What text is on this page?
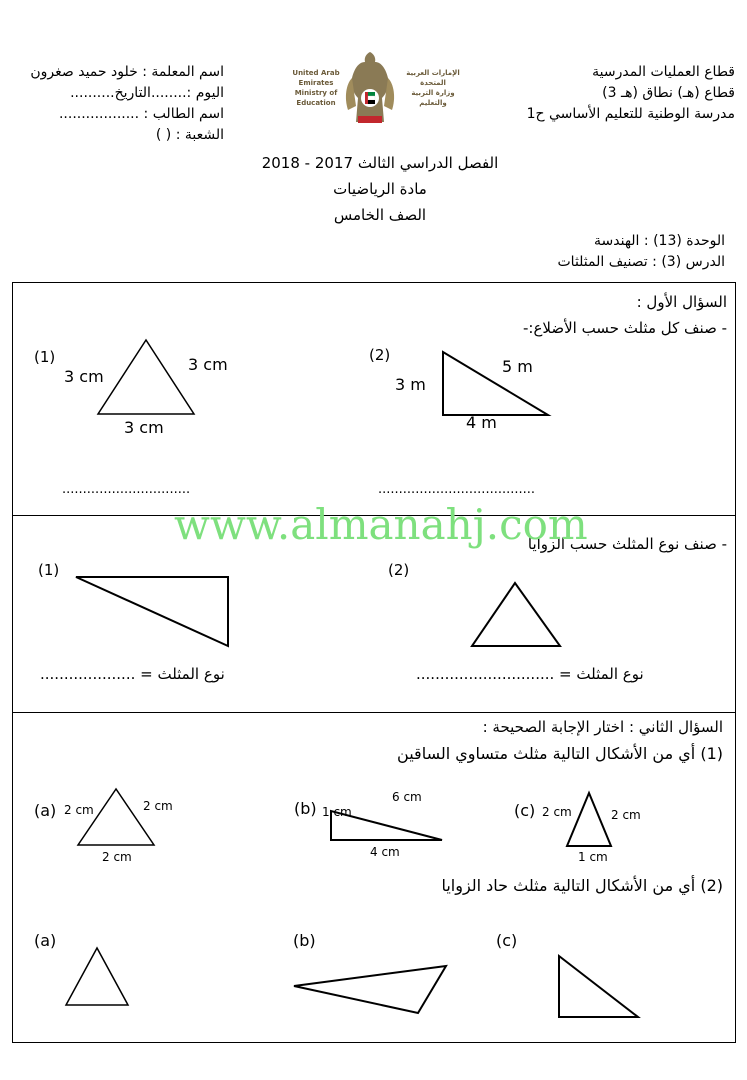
قطاع العمليات المدرسية
قطاع (هـ) نطاق (هـ 3)
مدرسة الوطنية للتعليم الأساسي ح1
اسم المعلمة : خلود حميد صغرون
اليوم :........التاريخ..........
اسم الطالب : ..................
الشعبة : ( )
United Arab Emirates
Ministry of Education
الإمارات العربية المتحدة
وزارة التربية والتعليم
الفصل الدراسي الثالث 2017 - 2018
مادة الرياضيات
الصف الخامس
الوحدة (13) : الهندسة
الدرس (3) : تصنيف المثلثات
السؤال الأول :
- صنف كل مثلث حسب الأضلاع:-
(1)
3 cm
3 cm
3 cm
(2)
3 m
5 m
4 m
...............................	......................................
- صنف نوع المثلث حسب الزوايا
(1)	(2)
نوع المثلث = ....................	نوع المثلث = .............................
www.almanahj.com
السؤال الثاني : اختار الإجابة الصحيحة :
(1) أي من الأشكال التالية مثلث متساوي الساقين
(a) 2 cm	2 cm
2 cm
(b) 1 cm
6 cm
4 cm
(c) 2 cm	2 cm
1 cm
(2) أي من الأشكال التالية مثلث حاد الزوايا
(a)	(b)	(c)
